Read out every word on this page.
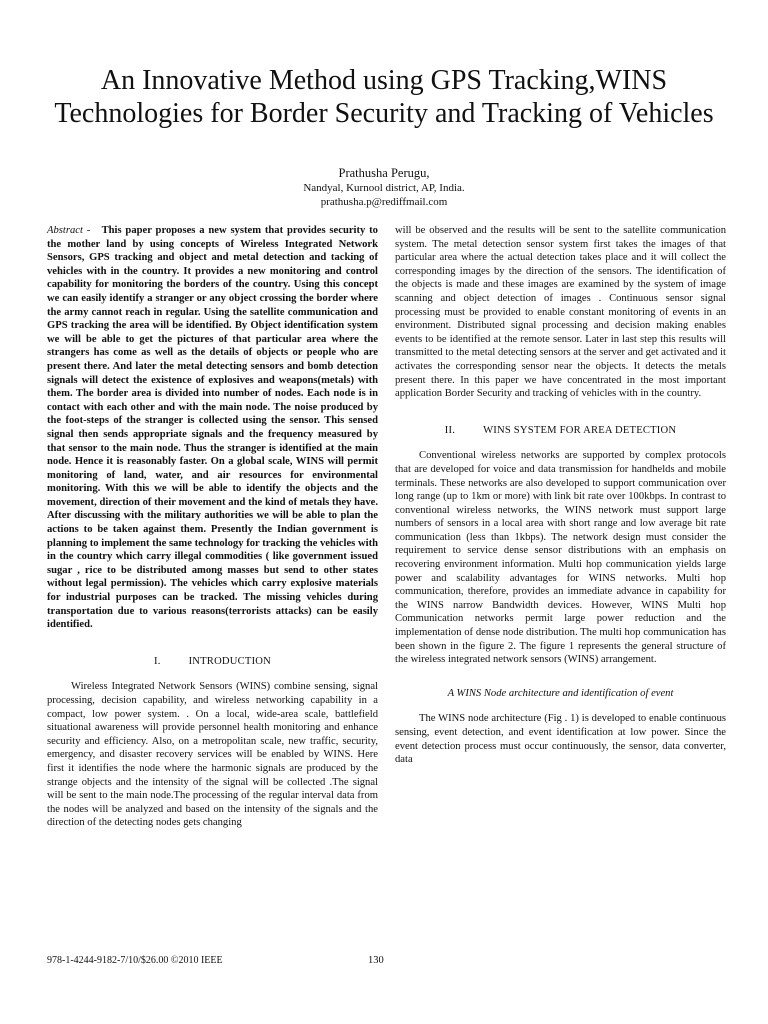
An Innovative Method using GPS Tracking,WINS Technologies for Border Security and Tracking of Vehicles
Prathusha Perugu,
Nandyal, Kurnool district, AP, India.
prathusha.p@rediffmail.com

Abstract - This paper proposes a new system that provides security to the mother land by using concepts of Wireless Integrated Network Sensors, GPS tracking and object and metal detection and tacking of vehicles with in the country. It provides a new monitoring and control capability for monitoring the borders of the country. Using this concept we can easily identify a stranger or any object crossing the border where the army cannot reach in regular. Using the satellite communication and GPS tracking the area will be identified. By Object identification system we will be able to get the pictures of that particular area where the strangers has come as well as the details of objects or people who are present there. And later the metal detecting sensors and bomb detection signals will detect the existence of explosives and weapons(metals) with them. The border area is divided into number of nodes. Each node is in contact with each other and with the main node. The noise produced by the foot-steps of the stranger is collected using the sensor. This sensed signal then sends appropriate signals and the frequency measured by that sensor to the main node. Thus the stranger is identified at the main node. Hence it is reasonably faster. On a global scale, WINS will permit monitoring of land, water, and air resources for environmental monitoring. With this we will be able to identify the objects and the movement, direction of their movement and the kind of metals they have. After discussing with the military authorities we will be able to plan the actions to be taken against them. Presently the Indian government is planning to implement the same technology for tracking the vehicles with in the country which carry illegal commodities ( like government issued sugar , rice to be distributed among masses but send to other states without legal permission). The vehicles which carry explosive materials for industrial purposes can be tracked. The missing vehicles during transportation due to various reasons(terrorists attacks) can be easily identified.

I.	INTRODUCTION

Wireless Integrated Network Sensors (WINS) combine sensing, signal processing, decision capability, and wireless networking capability in a compact, low power system. . On a local, wide-area scale, battlefield situational awareness will provide personnel health monitoring and enhance security and efficiency. Also, on a metropolitan scale, new traffic, security, emergency, and disaster recovery services will be enabled by WINS. Here first it identifies the node where the harmonic signals are produced by the strange objects and the intensity of the signal will be collected .The signal will be sent to the main node.The processing of the regular interval data from the nodes will be analyzed and based on the intensity of the signals and the direction of the detecting nodes gets changing

will be observed and the results will be sent to the satellite communication system. The metal detection sensor system first takes the images of that particular area where the actual detection takes place and it will collect the corresponding images by the direction of the sensors. The identification of the objects is made and these images are examined by the system of image scanning and object detection of images . Continuous sensor signal processing must be provided to enable constant monitoring of events in an environment. Distributed signal processing and decision making enables events to be identified at the remote sensor. Later in last step this results will transmitted to the metal detecting sensors at the server and get activated and it activates the corresponding sensor near the objects. It detects the metals present there. In this paper we have concentrated in the most important application Border Security and tracking of vehicles with in the country.

II.	WINS SYSTEM FOR AREA DETECTION

Conventional wireless networks are supported by complex protocols that are developed for voice and data transmission for handhelds and mobile terminals. These networks are also developed to support communication over long range (up to 1km or more) with link bit rate over 100kbps. In contrast to conventional wireless networks, the WINS network must support large numbers of sensors in a local area with short range and low average bit rate communication (less than 1kbps). The network design must consider the requirement to service dense sensor distributions with an emphasis on recovering environment information. Multi hop communication yields large power and scalability advantages for WINS networks. Multi hop communication, therefore, provides an immediate advance in capability for the WINS narrow Bandwidth devices. However, WINS Multi hop Communication networks permit large power reduction and the implementation of dense node distribution. The multi hop communication has been shown in the figure 2. The figure 1 represents the general structure of the wireless integrated network sensors (WINS) arrangement.

A WINS Node architecture and identification of event

The WINS node architecture (Fig . 1) is developed to enable continuous sensing, event detection, and event identification at low power. Since the event detection process must occur continuously, the sensor, data converter, data

978-1-4244-9182-7/10/$26.00 ©2010 IEEE	130
